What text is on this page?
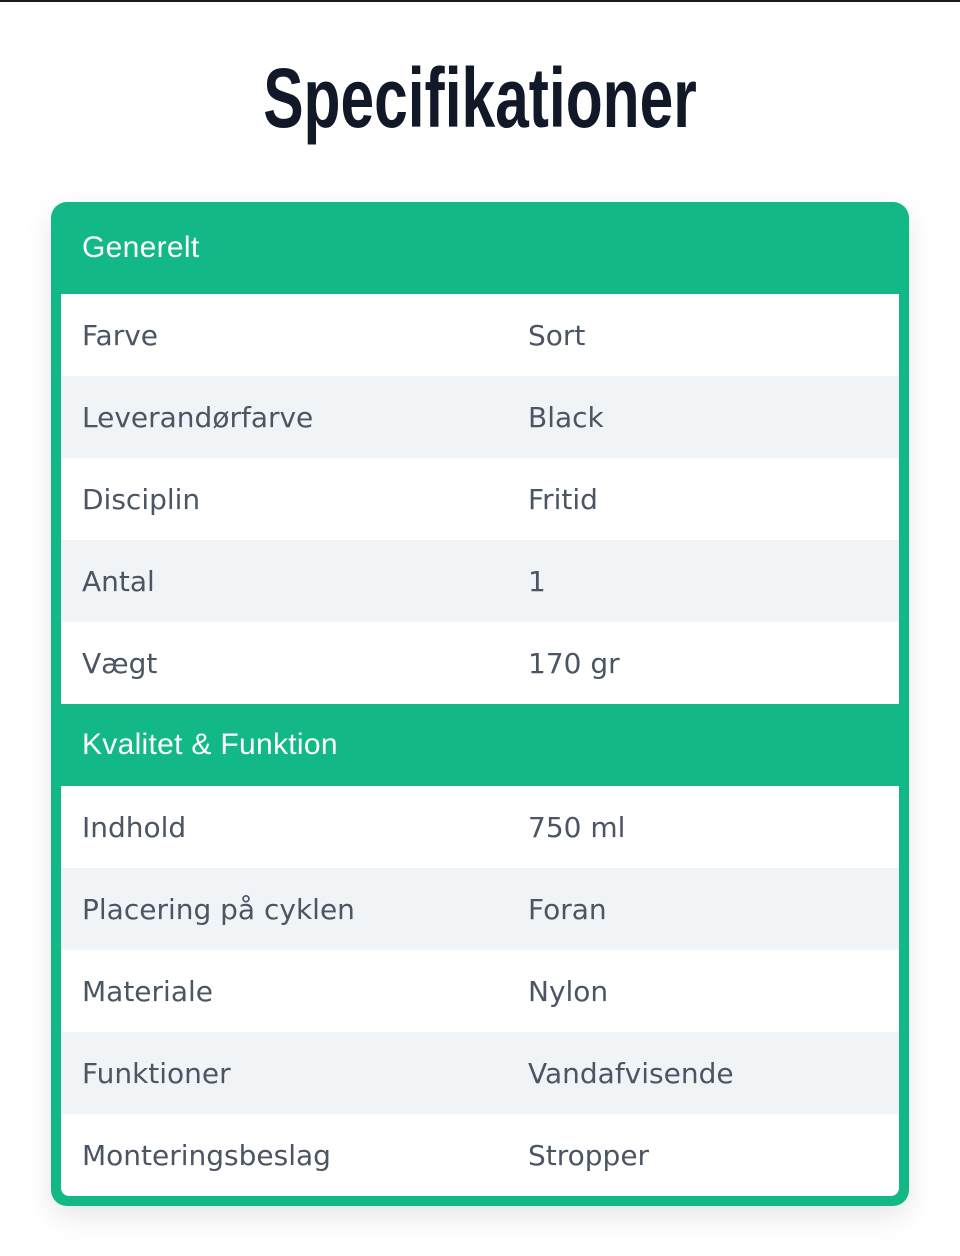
Specifikationer
Generelt
Farve	Sort
Leverandørfarve	Black
Disciplin	Fritid
Antal	1
Vægt	170 gr
Kvalitet & Funktion
Indhold	750 ml
Placering på cyklen	Foran
Materiale	Nylon
Funktioner	Vandafvisende
Monteringsbeslag	Stropper
